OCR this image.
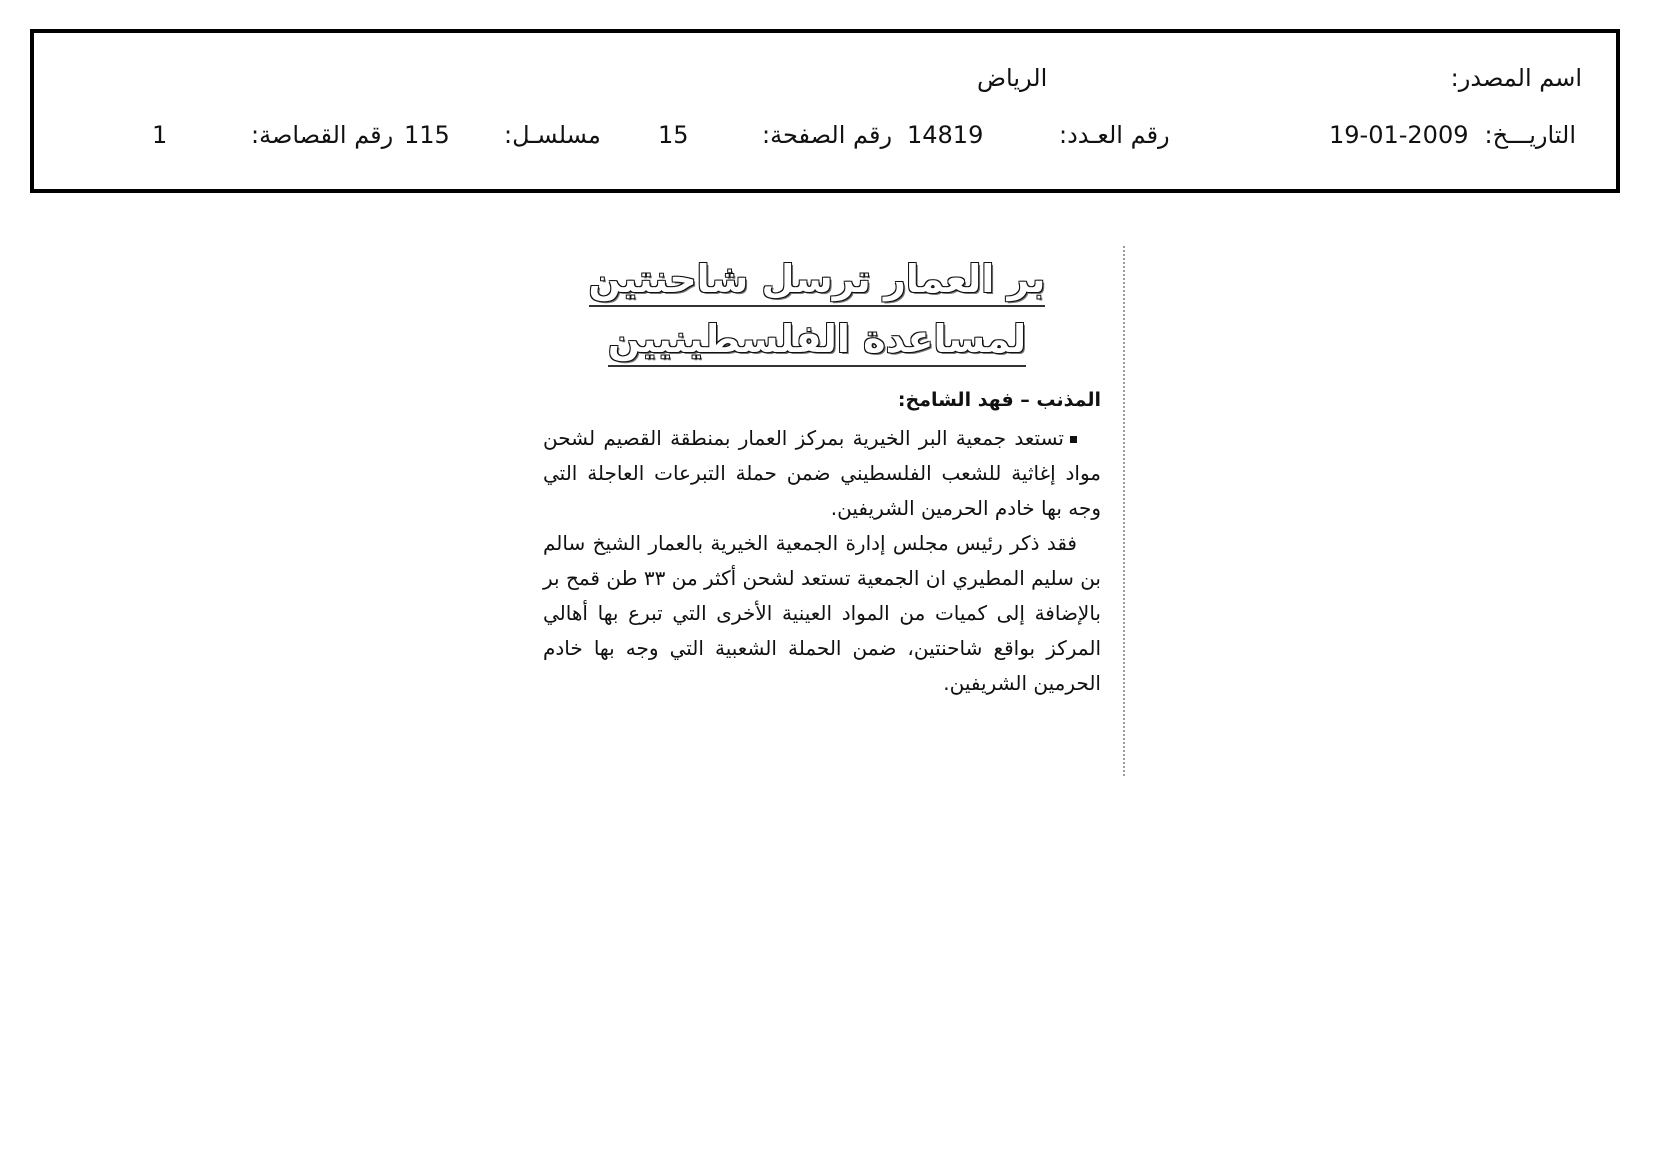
اسم المصدر:
الرياض
التاريـــخ:
19-01-2009
رقم العـدد:
14819
رقم الصفحة:
15
مسلسـل:
115
رقم القصاصة:
1
بر العمار ترسل شاحنتين
لمساعدة الفلسطينيين
المذنب – فهد الشامخ:

تستعد جمعية البر الخيرية بمركز العمار بمنطقة القصيم لشحن مواد إغاثية للشعب الفلسطيني ضمن حملة التبرعات العاجلة التي وجه بها خادم الحرمين الشريفين.

فقد ذكر رئيس مجلس إدارة الجمعية الخيرية بالعمار الشيخ سالم بن سليم المطيري ان الجمعية تستعد لشحن أكثر من ٣٣ طن قمح بر بالإضافة إلى كميات من المواد العينية الأخرى التي تبرع بها أهالي المركز بواقع شاحنتين، ضمن الحملة الشعبية التي وجه بها خادم الحرمين الشريفين.
